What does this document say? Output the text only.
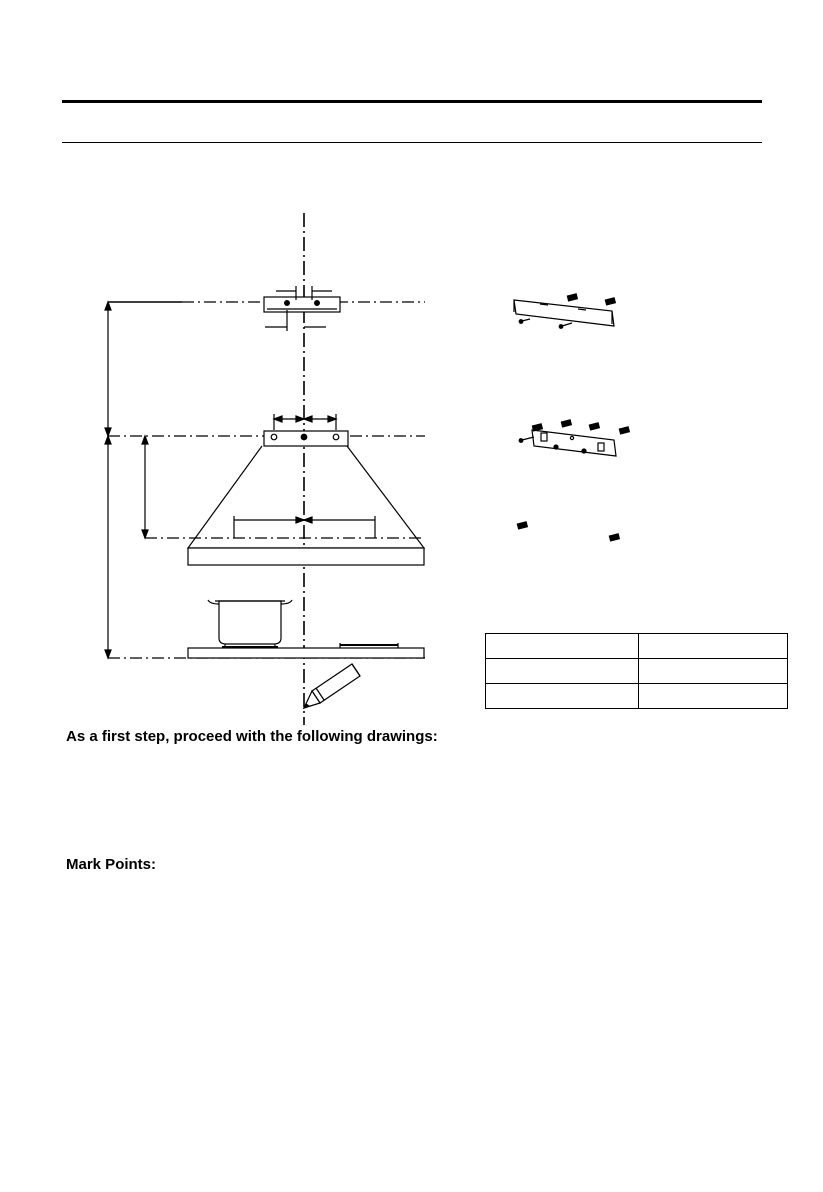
As a first step, proceed with the following drawings:
Mark Points:
